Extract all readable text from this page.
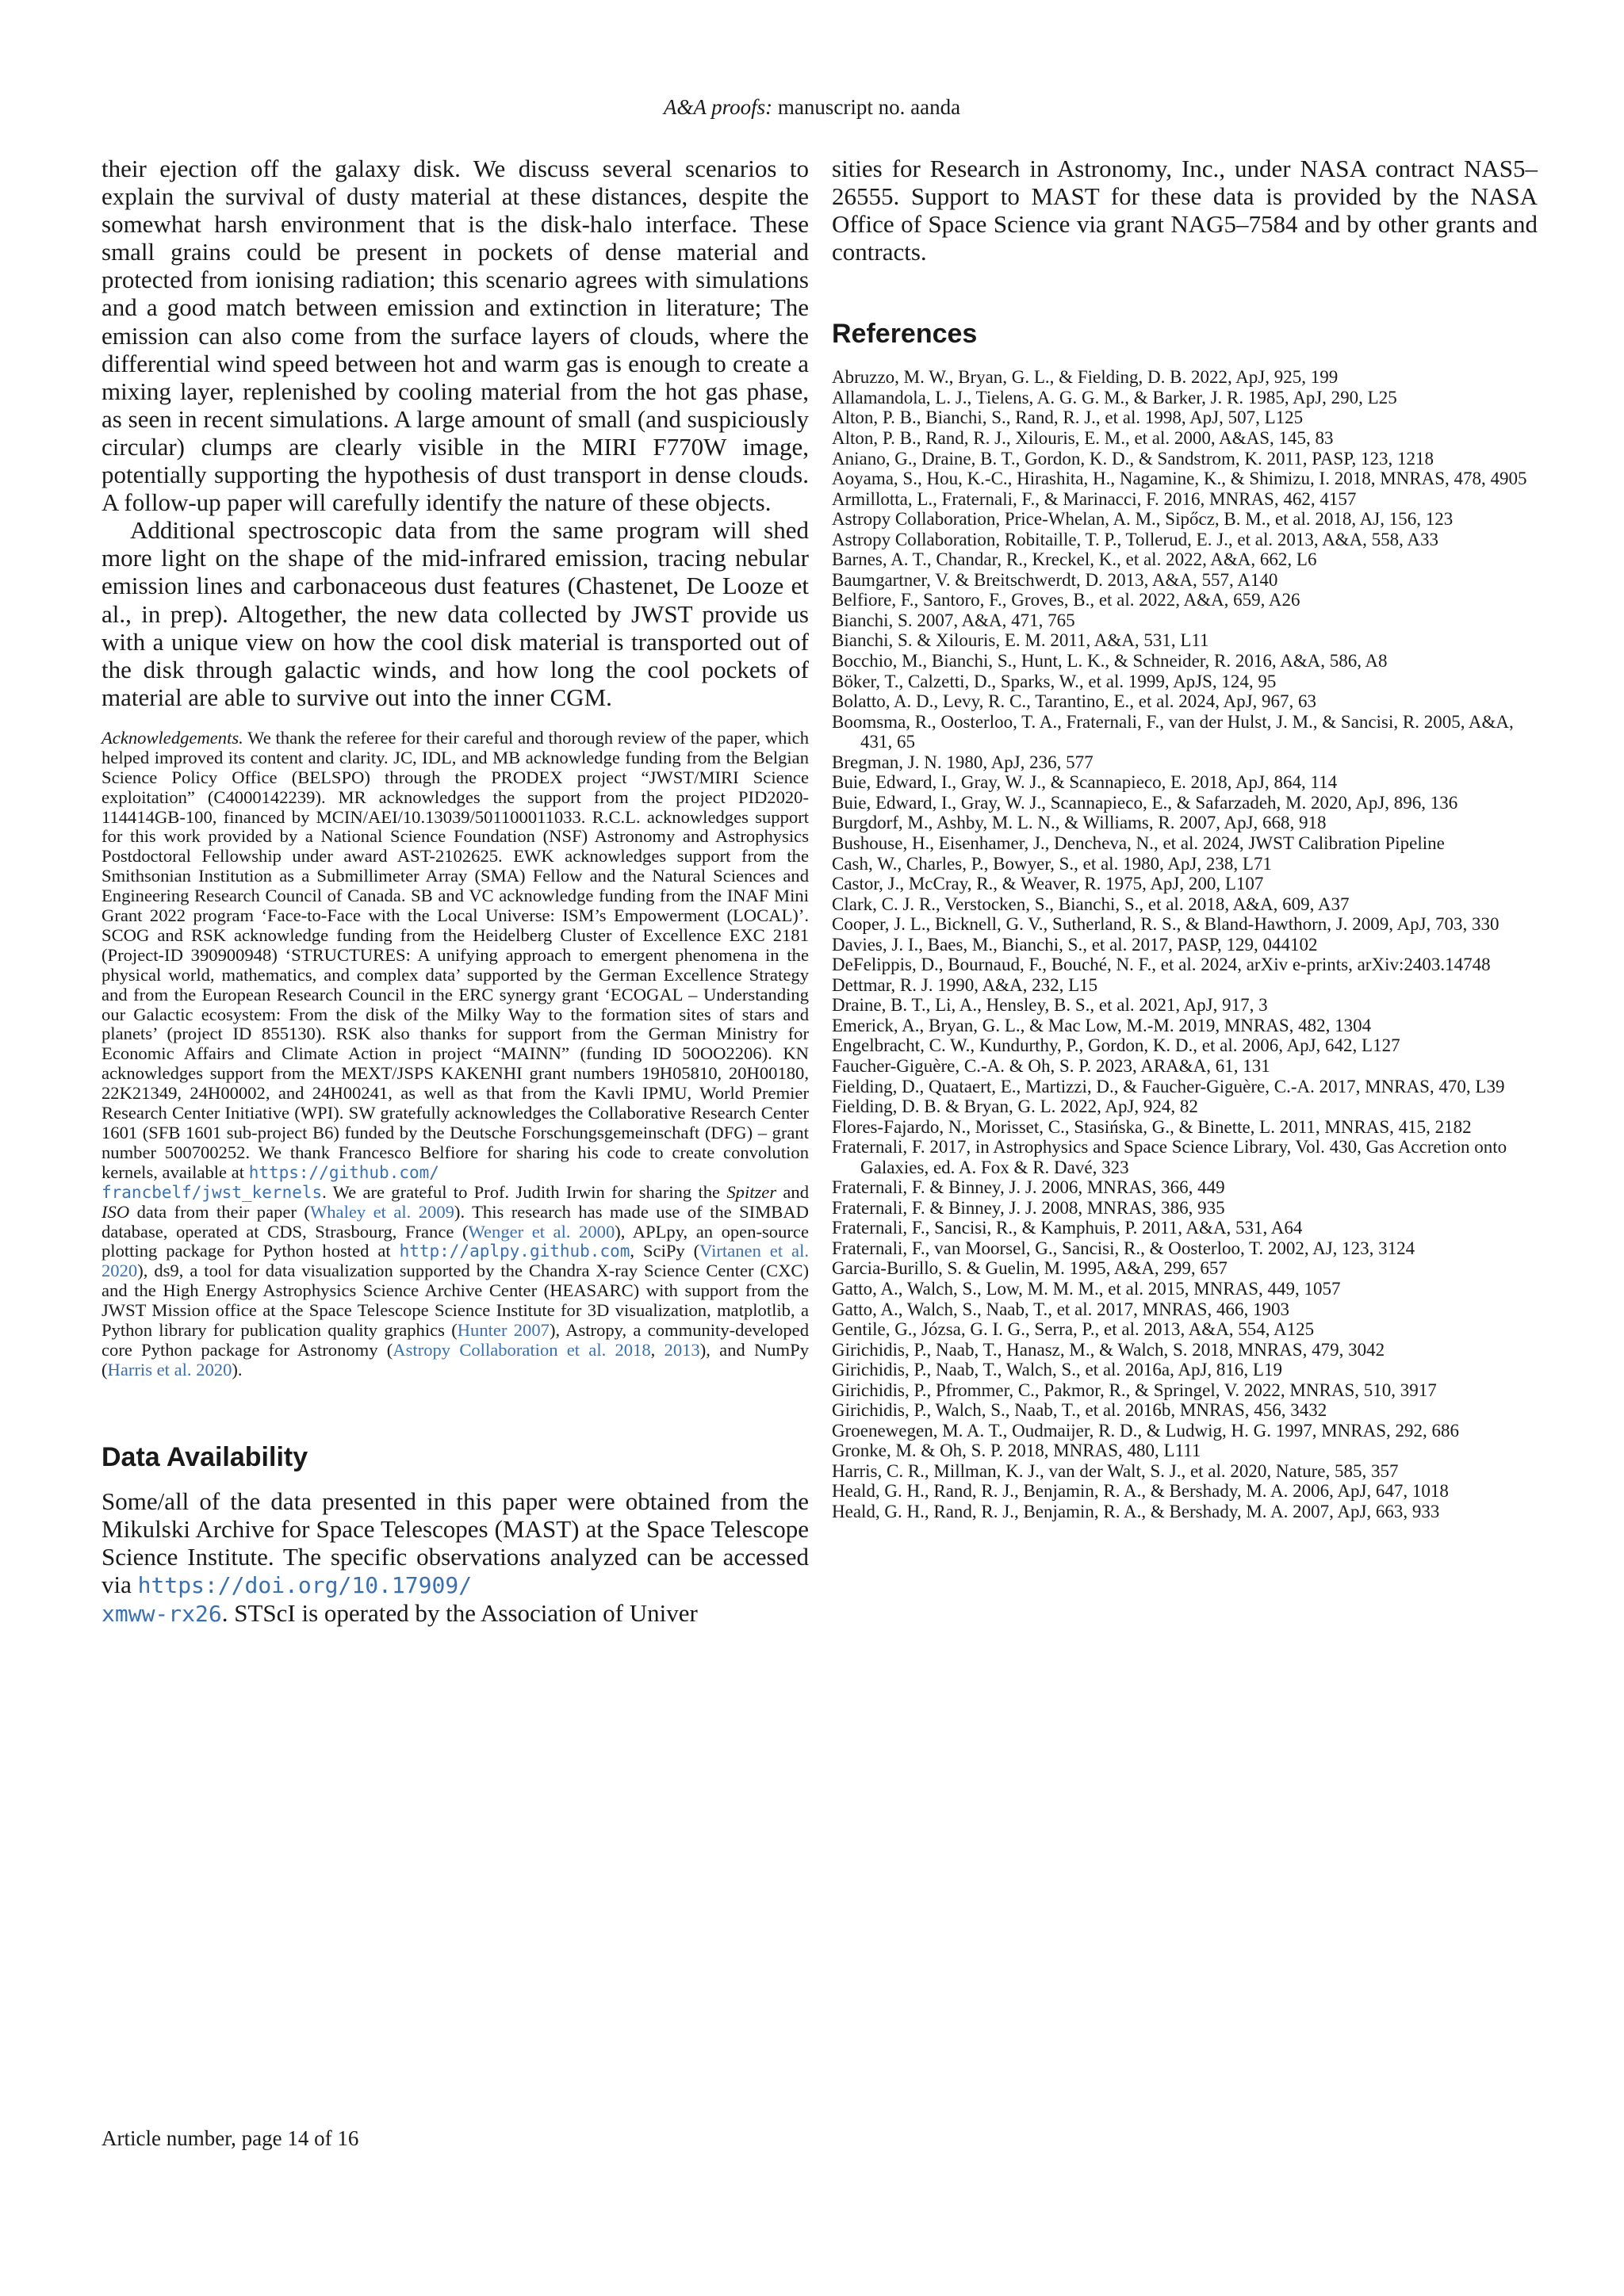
A&A proofs: manuscript no. aanda

their ejection off the galaxy disk. We discuss several scenarios to explain the survival of dusty material at these distances, despite the somewhat harsh environment that is the disk-halo interface. These small grains could be present in pockets of dense material and protected from ionising radiation; this scenario agrees with simulations and a good match between emission and extinction in literature; The emission can also come from the surface layers of clouds, where the differential wind speed between hot and warm gas is enough to create a mixing layer, replenished by cooling material from the hot gas phase, as seen in recent simulations. A large amount of small (and suspiciously circular) clumps are clearly visible in the MIRI F770W image, potentially supporting the hypothesis of dust transport in dense clouds. A follow-up paper will carefully identify the nature of these objects.

Additional spectroscopic data from the same program will shed more light on the shape of the mid-infrared emission, tracing nebular emission lines and carbonaceous dust features (Chastenet, De Looze et al., in prep). Altogether, the new data collected by JWST provide us with a unique view on how the cool disk material is transported out of the disk through galactic winds, and how long the cool pockets of material are able to survive out into the inner CGM.

Acknowledgements. We thank the referee for their careful and thorough review of the paper, which helped improved its content and clarity. JC, IDL, and MB acknowledge funding from the Belgian Science Policy Office (BELSPO) through the PRODEX project “JWST/MIRI Science exploitation” (C4000142239). MR acknowledges the support from the project PID2020-114414GB-100, financed by MCIN/AEI/10.13039/501100011033. R.C.L. acknowledges support for this work provided by a National Science Foundation (NSF) Astronomy and Astrophysics Postdoctoral Fellowship under award AST-2102625. EWK acknowledges support from the Smithsonian Institution as a Submillimeter Array (SMA) Fellow and the Natural Sciences and Engineering Research Council of Canada. SB and VC acknowledge funding from the INAF Mini Grant 2022 program ‘Face-to-Face with the Local Universe: ISM’s Empowerment (LOCAL)’. SCOG and RSK acknowledge funding from the Heidelberg Cluster of Excellence EXC 2181 (Project-ID 390900948) ‘STRUCTURES: A unifying approach to emergent phenomena in the physical world, mathematics, and complex data’ supported by the German Excellence Strategy and from the European Research Council in the ERC synergy grant ‘ECOGAL – Understanding our Galactic ecosystem: From the disk of the Milky Way to the formation sites of stars and planets’ (project ID 855130). RSK also thanks for support from the German Ministry for Economic Affairs and Climate Action in project “MAINN” (funding ID 50OO2206). KN acknowledges support from the MEXT/JSPS KAKENHI grant numbers 19H05810, 20H00180, 22K21349, 24H00002, and 24H00241, as well as that from the Kavli IPMU, World Premier Research Center Initiative (WPI). SW gratefully acknowledges the Collaborative Research Center 1601 (SFB 1601 sub-project B6) funded by the Deutsche Forschungsgemeinschaft (DFG) – grant number 500700252. We thank Francesco Belfiore for sharing his code to create convolution kernels, available at https://github.com/
francbelf/jwst_kernels. We are grateful to Prof. Judith Irwin for sharing the Spitzer and ISO data from their paper (Whaley et al. 2009). This research has made use of the SIMBAD database, operated at CDS, Strasbourg, France (Wenger et al. 2000), APLpy, an open-source plotting package for Python hosted at http://aplpy.github.com, SciPy (Virtanen et al. 2020), ds9, a tool for data visualization supported by the Chandra X-ray Science Center (CXC) and the High Energy Astrophysics Science Archive Center (HEASARC) with support from the JWST Mission office at the Space Telescope Science Institute for 3D visualization, matplotlib, a Python library for publication quality graphics (Hunter 2007), Astropy, a community-developed core Python package for Astronomy (Astropy Collaboration et al. 2018, 2013), and NumPy (Harris et al. 2020).

Data Availability

Some/all of the data presented in this paper were obtained from the Mikulski Archive for Space Telescopes (MAST) at the Space Telescope Science Institute. The specific observations analyzed can be accessed via https://doi.org/10.17909/
xmww-rx26. STScI is operated by the Association of Univer

sities for Research in Astronomy, Inc., under NASA contract NAS5–26555. Support to MAST for these data is provided by the NASA Office of Space Science via grant NAG5–7584 and by other grants and contracts.

References
Abruzzo, M. W., Bryan, G. L., & Fielding, D. B. 2022, ApJ, 925, 199
Allamandola, L. J., Tielens, A. G. G. M., & Barker, J. R. 1985, ApJ, 290, L25
Alton, P. B., Bianchi, S., Rand, R. J., et al. 1998, ApJ, 507, L125
Alton, P. B., Rand, R. J., Xilouris, E. M., et al. 2000, A&AS, 145, 83
Aniano, G., Draine, B. T., Gordon, K. D., & Sandstrom, K. 2011, PASP, 123, 1218
Aoyama, S., Hou, K.-C., Hirashita, H., Nagamine, K., & Shimizu, I. 2018, MNRAS, 478, 4905
Armillotta, L., Fraternali, F., & Marinacci, F. 2016, MNRAS, 462, 4157
Astropy Collaboration, Price-Whelan, A. M., Sipőcz, B. M., et al. 2018, AJ, 156, 123
Astropy Collaboration, Robitaille, T. P., Tollerud, E. J., et al. 2013, A&A, 558, A33
Barnes, A. T., Chandar, R., Kreckel, K., et al. 2022, A&A, 662, L6
Baumgartner, V. & Breitschwerdt, D. 2013, A&A, 557, A140
Belfiore, F., Santoro, F., Groves, B., et al. 2022, A&A, 659, A26
Bianchi, S. 2007, A&A, 471, 765
Bianchi, S. & Xilouris, E. M. 2011, A&A, 531, L11
Bocchio, M., Bianchi, S., Hunt, L. K., & Schneider, R. 2016, A&A, 586, A8
Böker, T., Calzetti, D., Sparks, W., et al. 1999, ApJS, 124, 95
Bolatto, A. D., Levy, R. C., Tarantino, E., et al. 2024, ApJ, 967, 63
Boomsma, R., Oosterloo, T. A., Fraternali, F., van der Hulst, J. M., & Sancisi, R. 2005, A&A, 431, 65
Bregman, J. N. 1980, ApJ, 236, 577
Buie, Edward, I., Gray, W. J., & Scannapieco, E. 2018, ApJ, 864, 114
Buie, Edward, I., Gray, W. J., Scannapieco, E., & Safarzadeh, M. 2020, ApJ, 896, 136
Burgdorf, M., Ashby, M. L. N., & Williams, R. 2007, ApJ, 668, 918
Bushouse, H., Eisenhamer, J., Dencheva, N., et al. 2024, JWST Calibration Pipeline
Cash, W., Charles, P., Bowyer, S., et al. 1980, ApJ, 238, L71
Castor, J., McCray, R., & Weaver, R. 1975, ApJ, 200, L107
Clark, C. J. R., Verstocken, S., Bianchi, S., et al. 2018, A&A, 609, A37
Cooper, J. L., Bicknell, G. V., Sutherland, R. S., & Bland-Hawthorn, J. 2009, ApJ, 703, 330
Davies, J. I., Baes, M., Bianchi, S., et al. 2017, PASP, 129, 044102
DeFelippis, D., Bournaud, F., Bouché, N. F., et al. 2024, arXiv e-prints, arXiv:2403.14748
Dettmar, R. J. 1990, A&A, 232, L15
Draine, B. T., Li, A., Hensley, B. S., et al. 2021, ApJ, 917, 3
Emerick, A., Bryan, G. L., & Mac Low, M.-M. 2019, MNRAS, 482, 1304
Engelbracht, C. W., Kundurthy, P., Gordon, K. D., et al. 2006, ApJ, 642, L127
Faucher-Giguère, C.-A. & Oh, S. P. 2023, ARA&A, 61, 131
Fielding, D., Quataert, E., Martizzi, D., & Faucher-Giguère, C.-A. 2017, MNRAS, 470, L39
Fielding, D. B. & Bryan, G. L. 2022, ApJ, 924, 82
Flores-Fajardo, N., Morisset, C., Stasińska, G., & Binette, L. 2011, MNRAS, 415, 2182
Fraternali, F. 2017, in Astrophysics and Space Science Library, Vol. 430, Gas Accretion onto Galaxies, ed. A. Fox & R. Davé, 323
Fraternali, F. & Binney, J. J. 2006, MNRAS, 366, 449
Fraternali, F. & Binney, J. J. 2008, MNRAS, 386, 935
Fraternali, F., Sancisi, R., & Kamphuis, P. 2011, A&A, 531, A64
Fraternali, F., van Moorsel, G., Sancisi, R., & Oosterloo, T. 2002, AJ, 123, 3124
Garcia-Burillo, S. & Guelin, M. 1995, A&A, 299, 657
Gatto, A., Walch, S., Low, M. M. M., et al. 2015, MNRAS, 449, 1057
Gatto, A., Walch, S., Naab, T., et al. 2017, MNRAS, 466, 1903
Gentile, G., Józsa, G. I. G., Serra, P., et al. 2013, A&A, 554, A125
Girichidis, P., Naab, T., Hanasz, M., & Walch, S. 2018, MNRAS, 479, 3042
Girichidis, P., Naab, T., Walch, S., et al. 2016a, ApJ, 816, L19
Girichidis, P., Pfrommer, C., Pakmor, R., & Springel, V. 2022, MNRAS, 510, 3917
Girichidis, P., Walch, S., Naab, T., et al. 2016b, MNRAS, 456, 3432
Groenewegen, M. A. T., Oudmaijer, R. D., & Ludwig, H. G. 1997, MNRAS, 292, 686
Gronke, M. & Oh, S. P. 2018, MNRAS, 480, L111
Harris, C. R., Millman, K. J., van der Walt, S. J., et al. 2020, Nature, 585, 357
Heald, G. H., Rand, R. J., Benjamin, R. A., & Bershady, M. A. 2006, ApJ, 647, 1018
Heald, G. H., Rand, R. J., Benjamin, R. A., & Bershady, M. A. 2007, ApJ, 663, 933
Article number, page 14 of 16
